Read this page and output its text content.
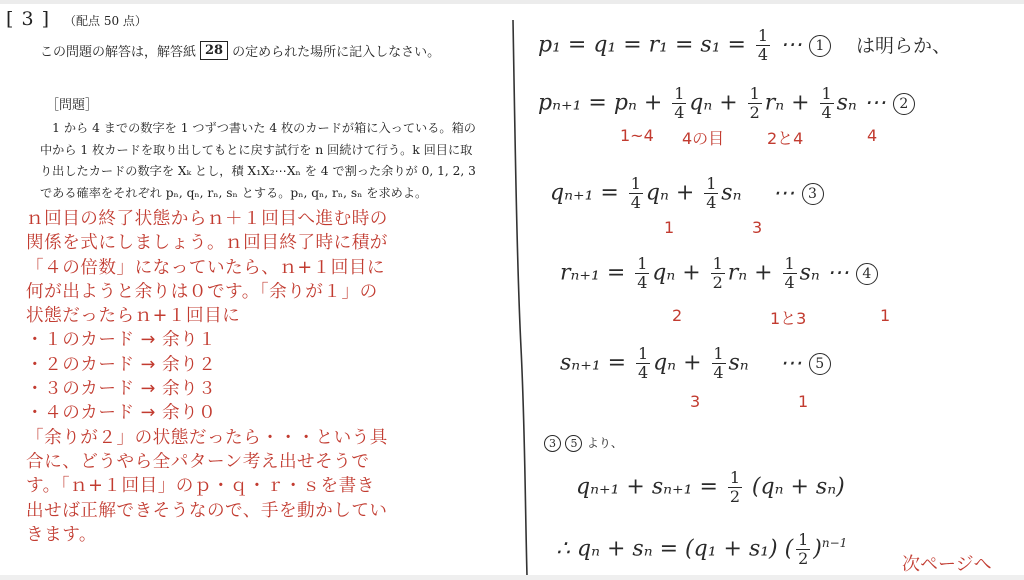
[ 3 ] （配点 50 点）
この問題の解答は，解答紙 28 の定められた場所に記入しなさい。
［問題］
　1 から 4 までの数字を 1 つずつ書いた 4 枚のカードが箱に入っている。箱の
中から 1 枚カードを取り出してもとに戻す試行を n 回続けて行う。k 回目に取
り出したカードの数字を Xₖ とし，積 X₁X₂⋯Xₙ を 4 で割った余りが 0, 1, 2, 3
である確率をそれぞれ pₙ, qₙ, rₙ, sₙ とする。pₙ, qₙ, rₙ, sₙ を求めよ。
ｎ回目の終了状態からｎ＋１回目へ進む時の
関係を式にしましょう。ｎ回目終了時に積が
「４の倍数」になっていたら、ｎ+１回目に
何が出ようと余りは０です。「余りが１」の
状態だったらｎ+１回目に
・１のカード → 余り１
・２のカード → 余り２
・３のカード → 余り３
・４のカード → 余り０
「余りが２」の状態だったら・・・という具
合に、どうやら全パターン考え出せそうで
す。「ｎ+１回目」のｐ・ｑ・ｒ・ｓを書き
出せば正解できそうなので、手を動かしてい
きます。
$p_1 = q_1 = r_1 = s_1 = \frac{1}{4}$ ⋯ 1 は明らか、
$p_{n+1} = p_n + \frac{1}{4}$ $q_n + \frac{1}{2}$ $r_n + \frac{1}{4}$ sₙ ⋯ 2
1~4 4の目	2と4	4
$q_{n+1} = \frac{1}{4}$ $q_n + \frac{1}{4}$ sₙ ⋯ 3
1	3
$r_{n+1} = \frac{1}{4}$ $q_n + \frac{1}{2}$ $r_n + \frac{1}{4}$ sₙ ⋯ 4
2	1と3	1
$s_{n+1} = \frac{1}{4}$ $q_n + \frac{1}{4}$ sₙ ⋯ 5
3	1
3 5 より、
$q_{n+1} + s_{n+1} = \frac{1}{2} (q_n + s_n)$
∴ qₙ + sₙ = (q₁ + s₁) ( $\frac{1}{2} )^{n-1}$
次ページへ
